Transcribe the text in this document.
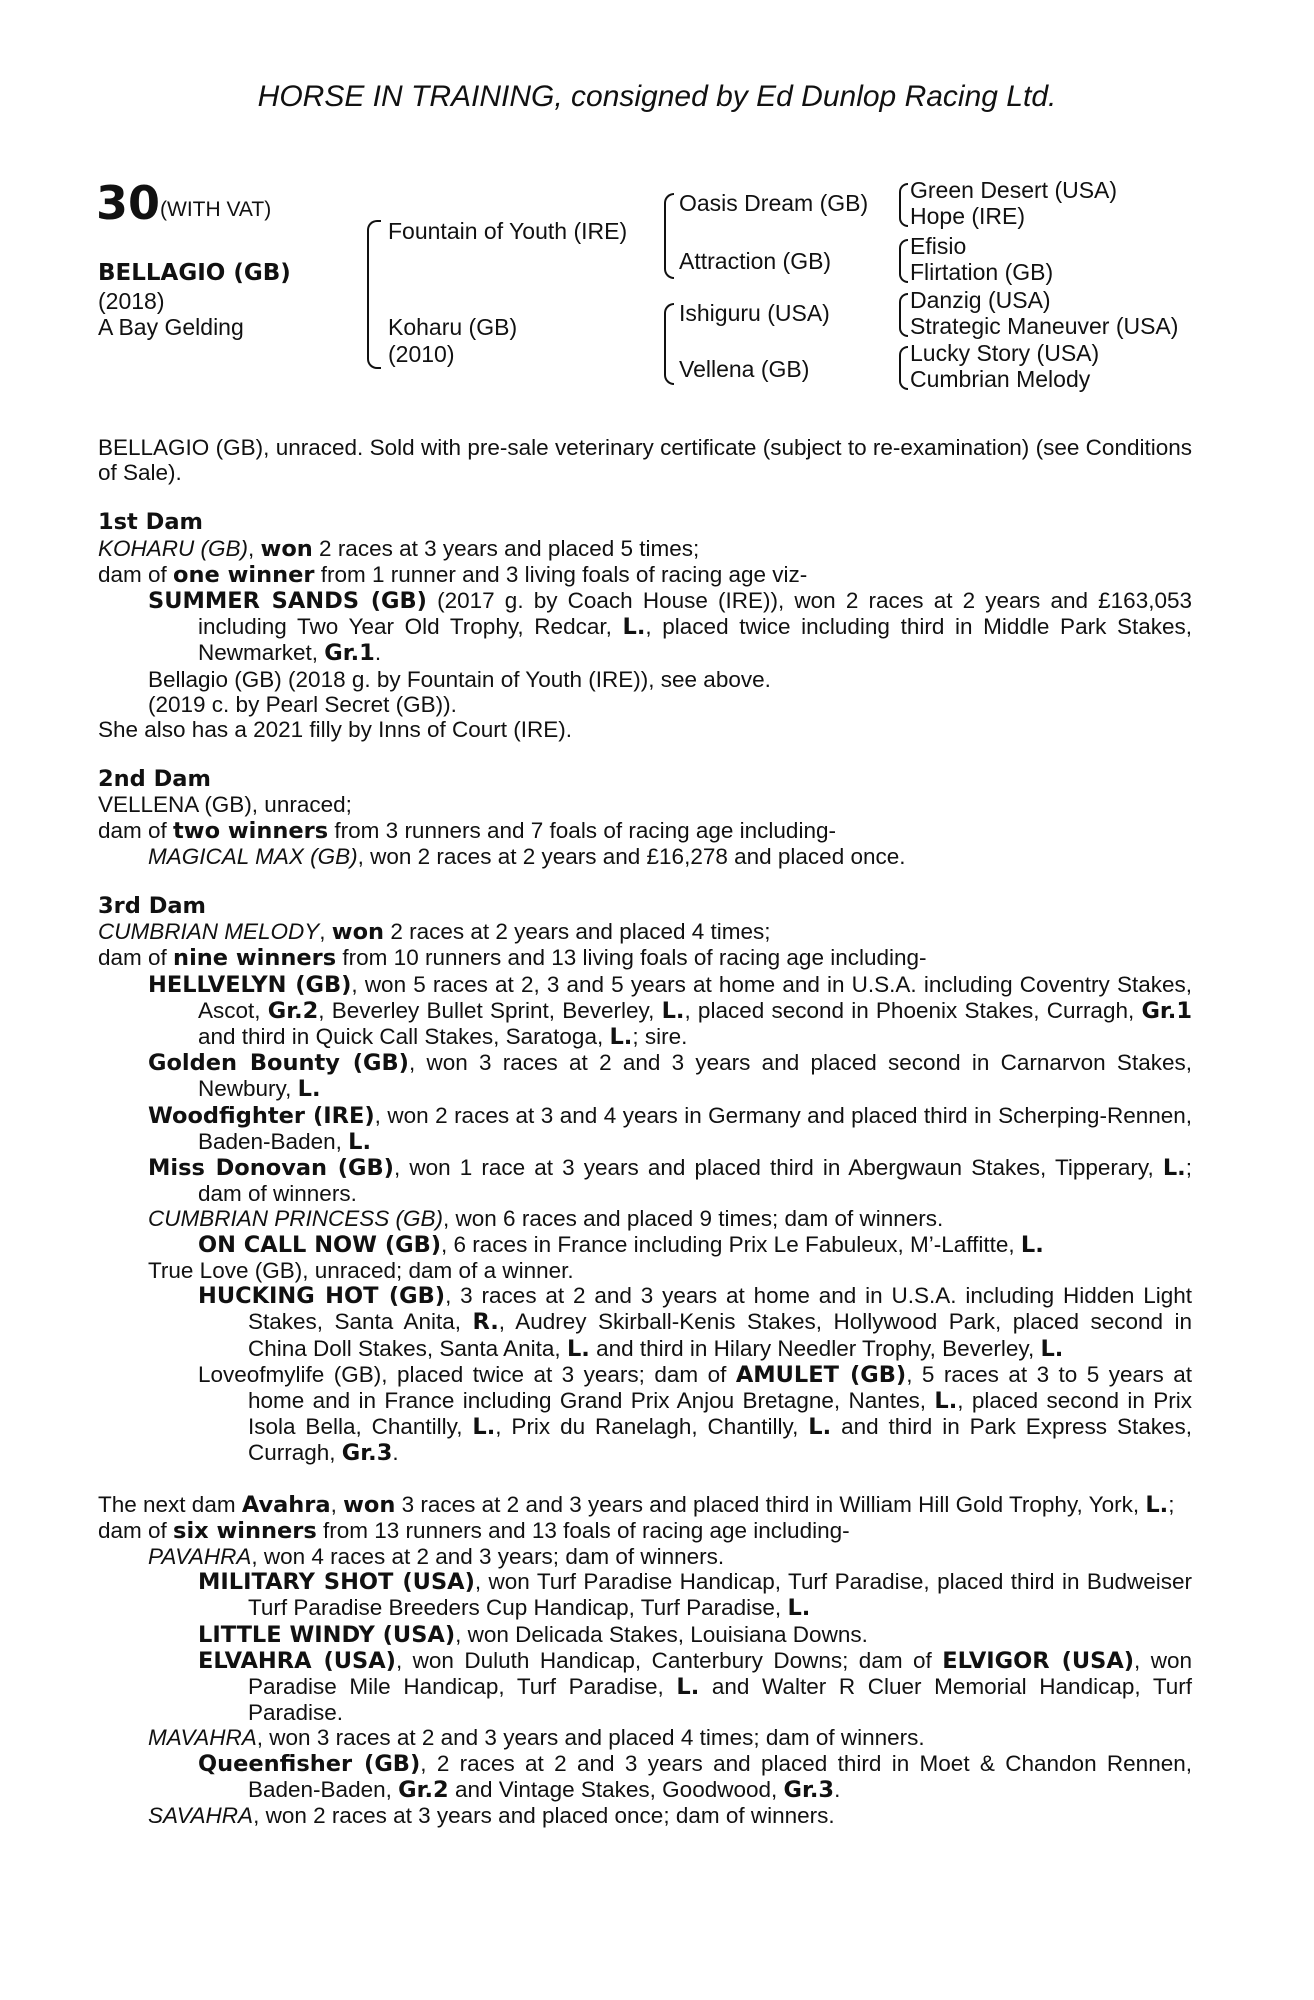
HORSE IN TRAINING, consigned by Ed Dunlop Racing Ltd.
30 (WITH VAT)
BELLAGIO (GB)
(2018)
A Bay Gelding
Fountain of Youth (IRE)
Koharu (GB)
(2010)
Oasis Dream (GB)
Attraction (GB)
Ishiguru (USA)
Vellena (GB)
Green Desert (USA)
Hope (IRE)
Efisio
Flirtation (GB)
Danzig (USA)
Strategic Maneuver (USA)
Lucky Story (USA)
Cumbrian Melody

BELLAGIO (GB), unraced. Sold with pre-sale veterinary certificate (subject to re-examination) (see Conditions of Sale).

1st Dam

KOHARU (GB), won 2 races at 3 years and placed 5 times;

dam of one winner from 1 runner and 3 living foals of racing age viz-

SUMMER SANDS (GB) (2017 g. by Coach House (IRE)), won 2 races at 2 years and £163,053 including Two Year Old Trophy, Redcar, L., placed twice including third in Middle Park Stakes, Newmarket, Gr.1.

Bellagio (GB) (2018 g. by Fountain of Youth (IRE)), see above.

(2019 c. by Pearl Secret (GB)).

She also has a 2021 filly by Inns of Court (IRE).

2nd Dam

VELLENA (GB), unraced;

dam of two winners from 3 runners and 7 foals of racing age including-

MAGICAL MAX (GB), won 2 races at 2 years and £16,278 and placed once.

3rd Dam

CUMBRIAN MELODY, won 2 races at 2 years and placed 4 times;

dam of nine winners from 10 runners and 13 living foals of racing age including-

HELLVELYN (GB), won 5 races at 2, 3 and 5 years at home and in U.S.A. including Coventry Stakes, Ascot, Gr.2, Beverley Bullet Sprint, Beverley, L., placed second in Phoenix Stakes, Curragh, Gr.1 and third in Quick Call Stakes, Saratoga, L.; sire.

Golden Bounty (GB), won 3 races at 2 and 3 years and placed second in Carnarvon Stakes, Newbury, L.

Woodfighter (IRE), won 2 races at 3 and 4 years in Germany and placed third in Scherping-Rennen, Baden-Baden, L.

Miss Donovan (GB), won 1 race at 3 years and placed third in Abergwaun Stakes, Tipperary, L.; dam of winners.

CUMBRIAN PRINCESS (GB), won 6 races and placed 9 times; dam of winners.

ON CALL NOW (GB), 6 races in France including Prix Le Fabuleux, M’-Laffitte, L.

True Love (GB), unraced; dam of a winner.

HUCKING HOT (GB), 3 races at 2 and 3 years at home and in U.S.A. including Hidden Light Stakes, Santa Anita, R., Audrey Skirball-Kenis Stakes, Hollywood Park, placed second in China Doll Stakes, Santa Anita, L. and third in Hilary Needler Trophy, Beverley, L.

Loveofmylife (GB), placed twice at 3 years; dam of AMULET (GB), 5 races at 3 to 5 years at home and in France including Grand Prix Anjou Bretagne, Nantes, L., placed second in Prix Isola Bella, Chantilly, L., Prix du Ranelagh, Chantilly, L. and third in Park Express Stakes, Curragh, Gr.3.

The next dam Avahra, won 3 races at 2 and 3 years and placed third in William Hill Gold Trophy, York, L.;

dam of six winners from 13 runners and 13 foals of racing age including-

PAVAHRA, won 4 races at 2 and 3 years; dam of winners.

MILITARY SHOT (USA), won Turf Paradise Handicap, Turf Paradise, placed third in Budweiser Turf Paradise Breeders Cup Handicap, Turf Paradise, L.

LITTLE WINDY (USA), won Delicada Stakes, Louisiana Downs.

ELVAHRA (USA), won Duluth Handicap, Canterbury Downs; dam of ELVIGOR (USA), won Paradise Mile Handicap, Turf Paradise, L. and Walter R Cluer Memorial Handicap, Turf Paradise.

MAVAHRA, won 3 races at 2 and 3 years and placed 4 times; dam of winners.

Queenfisher (GB), 2 races at 2 and 3 years and placed third in Moet & Chandon Rennen, Baden-Baden, Gr.2 and Vintage Stakes, Goodwood, Gr.3.

SAVAHRA, won 2 races at 3 years and placed once; dam of winners.
